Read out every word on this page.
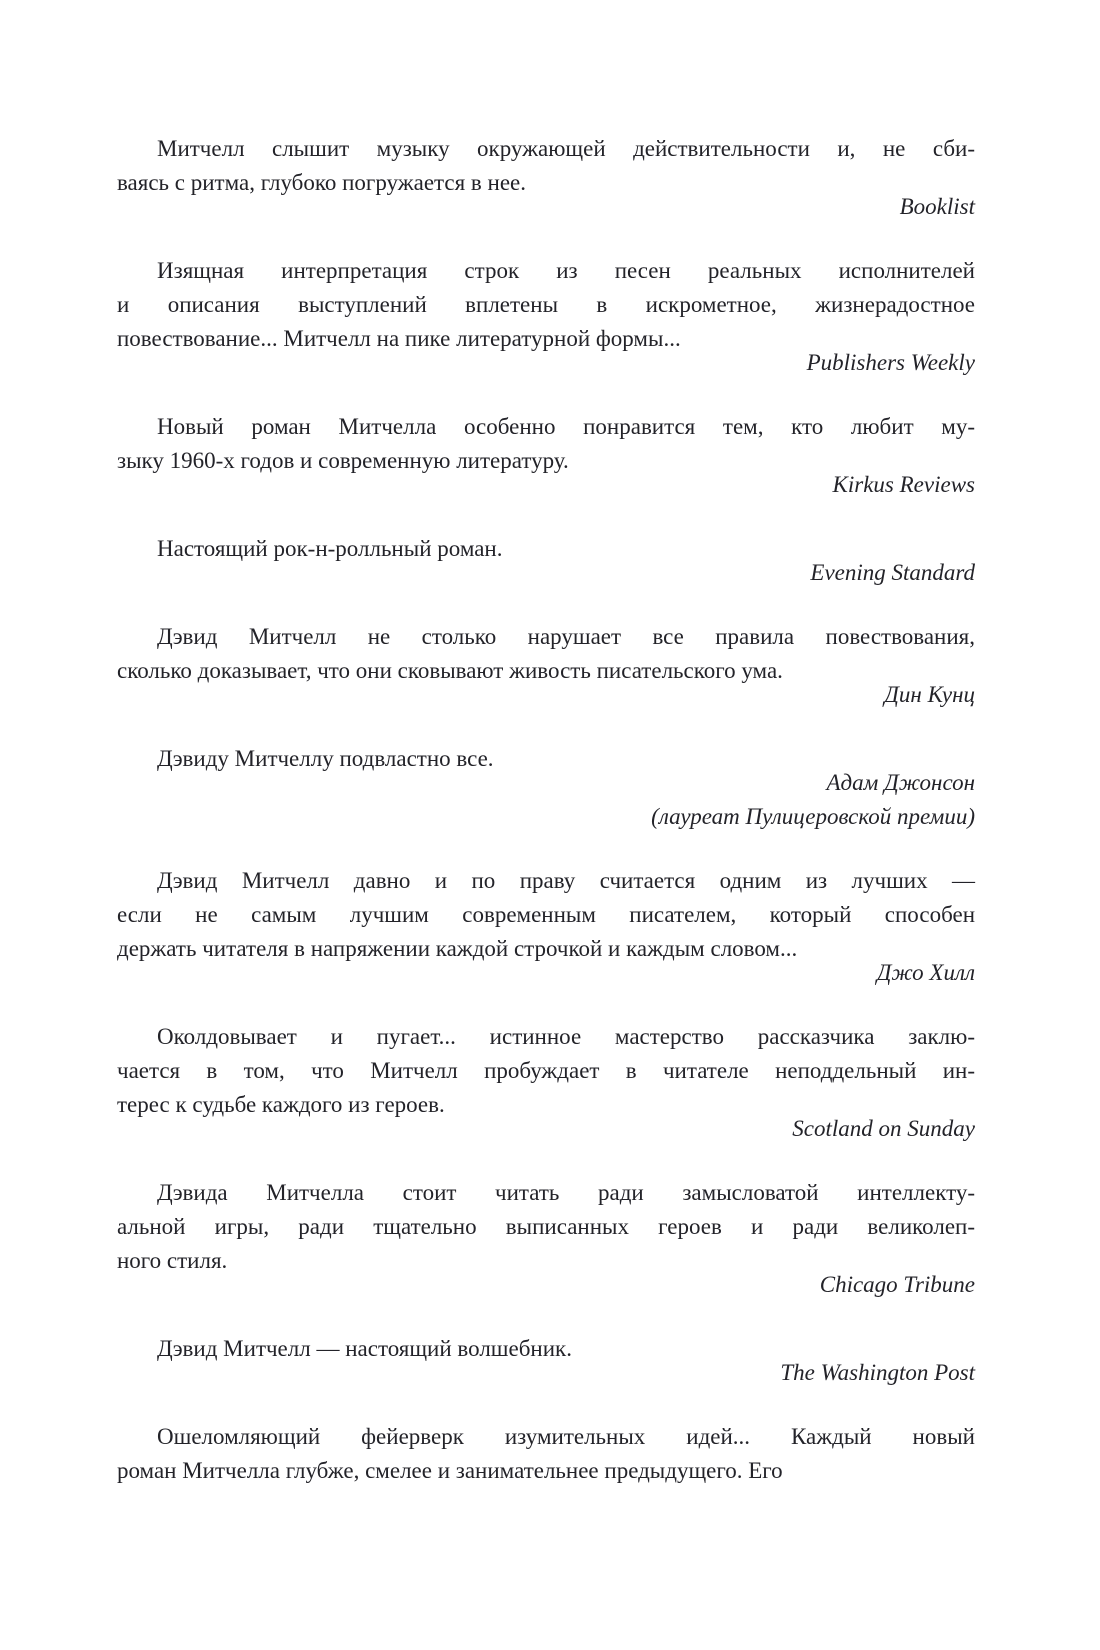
Митчелл слышит музыку окружающей действительности и, не сби-
ваясь с ритма, глубоко погружается в нее.
Booklist
Изящная интерпретация строк из песен реальных исполнителей
и описания выступлений вплетены в искрометное, жизнерадостное
повествование... Митчелл на пике литературной формы...
Publishers Weekly
Новый роман Митчелла особенно понравится тем, кто любит му-
зыку 1960-х годов и современную литературу.
Kirkus Reviews
Настоящий рок-н-ролльный роман.
Evening Standard
Дэвид Митчелл не столько нарушает все правила повествования,
сколько доказывает, что они сковывают живость писательского ума.
Дин Кунц
Дэвиду Митчеллу подвластно все.
Адам Джонсон
(лауреат Пулицеровской премии)
Дэвид Митчелл давно и по праву считается одним из лучших —
если не самым лучшим современным писателем, который способен
держать читателя в напряжении каждой строчкой и каждым словом...
Джо Хилл
Околдовывает и пугает... истинное мастерство рассказчика заклю-
чается в том, что Митчелл пробуждает в читателе неподдельный ин-
терес к судьбе каждого из героев.
Scotland on Sunday
Дэвида Митчелла стоит читать ради замысловатой интеллекту-
альной игры, ради тщательно выписанных героев и ради великолеп-
ного стиля.
Chicago Tribune
Дэвид Митчелл — настоящий волшебник.
The Washington Post
Ошеломляющий фейерверк изумительных идей... Каждый новый
роман Митчелла глубже, смелее и занимательнее предыдущего. Его
